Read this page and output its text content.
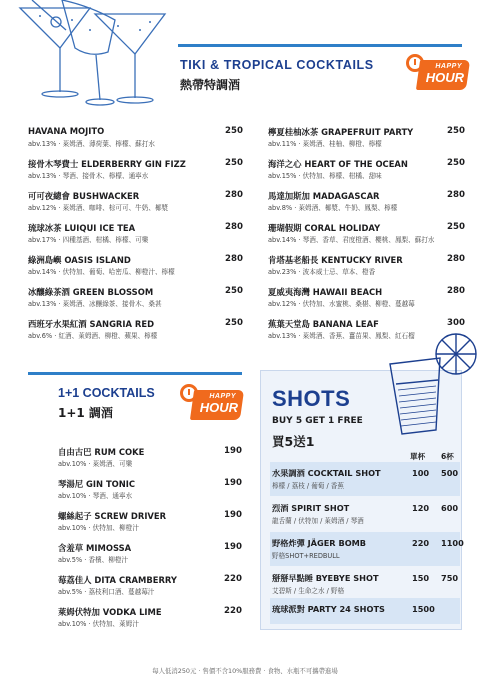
TIKI & TROPICAL COCKTAILS
熱帶特調酒
HAPPY
HOUR
HAVANA MOJITO	250
abv.13% ‧ 萊姆酒、薄荷葉、檸檬、蘇打水
接骨木琴費士 ELDERBERRY GIN FIZZ	250
abv.13% ‧ 琴酒、接骨木、檸檬、通寧水
可可夜總會 BUSHWACKER	280
abv.12% ‧ 萊姆酒、咖啡、棕可可、牛奶、椰漿
琉球冰茶 LUIQUI ICE TEA	280
abv.17% ‧ 四種基酒、柑橘、檸檬、可樂
綠洲島嶼 OASIS ISLAND	280
abv.14% ‧ 伏特加、葡萄、哈密瓜、柳橙汁、檸檬
冰釀綠茶酒 GREEN BLOSSOM	250
abv.13% ‧ 萊姆酒、冰釀綠茶、接骨木、桑甚
西班牙水果紅酒 SANGRIA RED	250
abv.6% ‧ 紅酒、萊姆酒、柳橙、蘋果、檸檬
檸夏桂柚冰茶 GRAPEFRUIT PARTY	250
abv.11% ‧ 萊姆酒、桂柚、柳橙、檸檬
海洋之心 HEART OF THE OCEAN	250
abv.15% ‧ 伏特加、檸檬、柑橘、甜味
馬達加斯加 MADAGASCAR	280
abv.8% ‧ 萊姆酒、椰漿、牛奶、鳳梨、檸檬
珊瑚假期 CORAL HOLIDAY	250
abv.14% ‧ 琴酒、香草、君度橙酒、櫻桃、鳳梨、蘇打水
肯塔基老船長 KENTUCKY RIVER	280
abv.23% ‧ 波本威士忌、草本、橙香
夏威夷海灣 HAWAII BEACH	280
abv.12% ‧ 伏特加、水蜜桃、桑椹、柳橙、蔓越莓
蕉葉天堂島 BANANA LEAF	300
abv.13% ‧ 萊姆酒、香蕉、薑苗果、鳳梨、紅石榴
1+1 COCKTAILS
1+1 調酒
HAPPY
HOUR
自由古巴 RUM COKE	190
abv.10% ‧ 萊姆酒、可樂
琴湯尼 GIN TONIC	190
abv.10% ‧ 琴酒、通寧水
螺絲起子 SCREW DRIVER	190
abv.10% ‧ 伏特加、柳橙汁
含羞草 MIMOSSA	190
abv.5% ‧ 香檳、柳橙汁
莓荔佳人 DITA CRAMBERRY	220
abv.5% ‧ 荔枝利口酒、蔓越莓汁
萊姆伏特加 VODKA LIME	220
abv.10% ‧ 伏特加、萊姆汁
SHOTS
BUY 5 GET 1 FREE
買5送1
單杯 6杯
水果調酒 COCKTAIL SHOT
檸檬 / 荔枝 / 葡萄 / 香蕉
100 500
烈酒 SPIRIT SHOT
龍舌蘭 / 伏特加 / 萊姆酒 / 琴酒
120 600
野格炸彈 JÄGER BOMB
野格SHOT+REDBULL
220 1100
掰掰早點睡 BYEBYE SHOT
艾碧斯 / 生命之水 / 野格
150 750
琉球派對 PARTY 24 SHOTS	1500
每人低消250元 ‧ 售價不含10%服務費 ‧ 食物、水瓶不可攜帶進場
